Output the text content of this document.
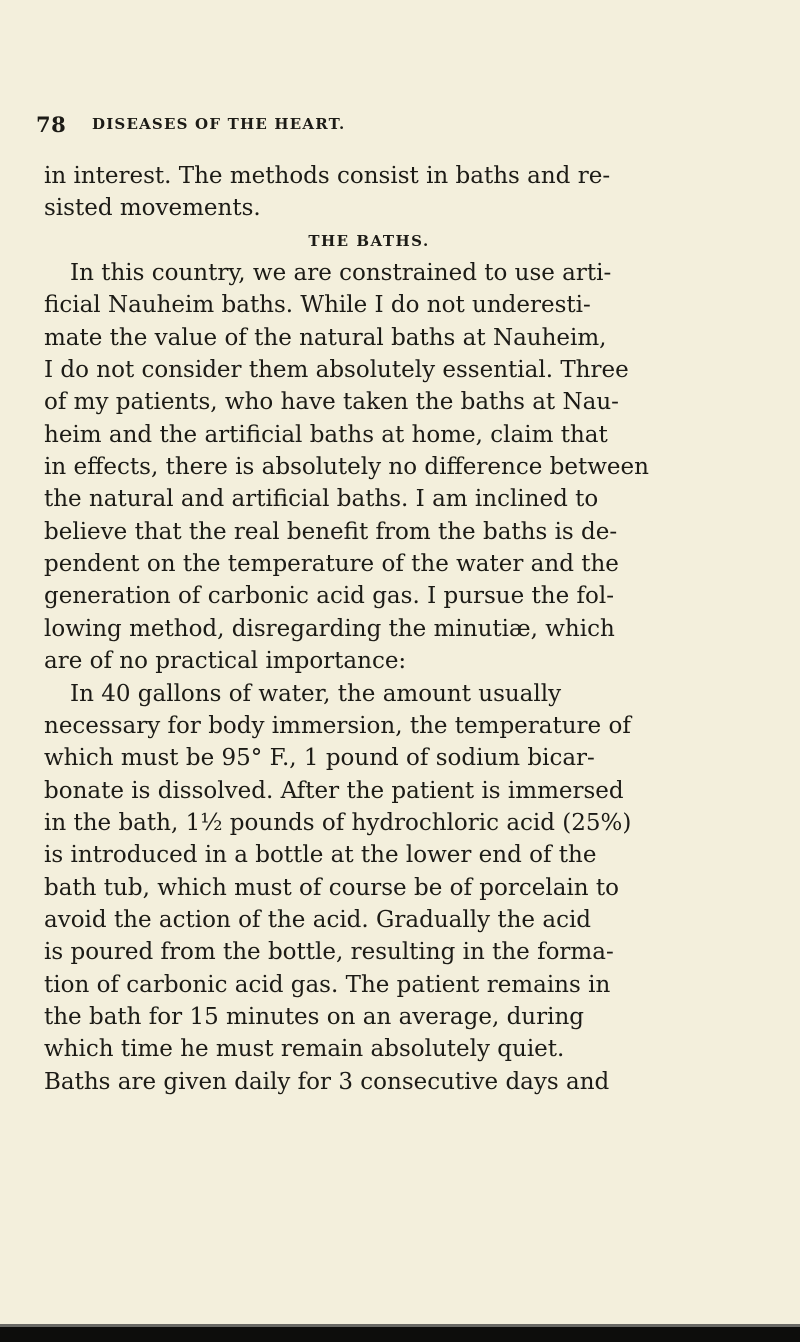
78 DISEASES OF THE HEART.
in interest. The methods consist in baths and re-
sisted movements.
THE BATHS.
In this country, we are constrained to use arti-
ficial Nauheim baths. While I do not underesti-
mate the value of the natural baths at Nauheim,
I do not consider them absolutely essential. Three
of my patients, who have taken the baths at Nau-
heim and the artificial baths at home, claim that
in effects, there is absolutely no difference between
the natural and artificial baths. I am inclined to
believe that the real benefit from the baths is de-
pendent on the temperature of the water and the
generation of carbonic acid gas. I pursue the fol-
lowing method, disregarding the minutiæ, which
are of no practical importance:
In 40 gallons of water, the amount usually
necessary for body immersion, the temperature of
which must be 95° F., 1 pound of sodium bicar-
bonate is dissolved. After the patient is immersed
in the bath, 1½ pounds of hydrochloric acid (25%)
is introduced in a bottle at the lower end of the
bath tub, which must of course be of porcelain to
avoid the action of the acid. Gradually the acid
is poured from the bottle, resulting in the forma-
tion of carbonic acid gas. The patient remains in
the bath for 15 minutes on an average, during
which time he must remain absolutely quiet.
Baths are given daily for 3 consecutive days and
